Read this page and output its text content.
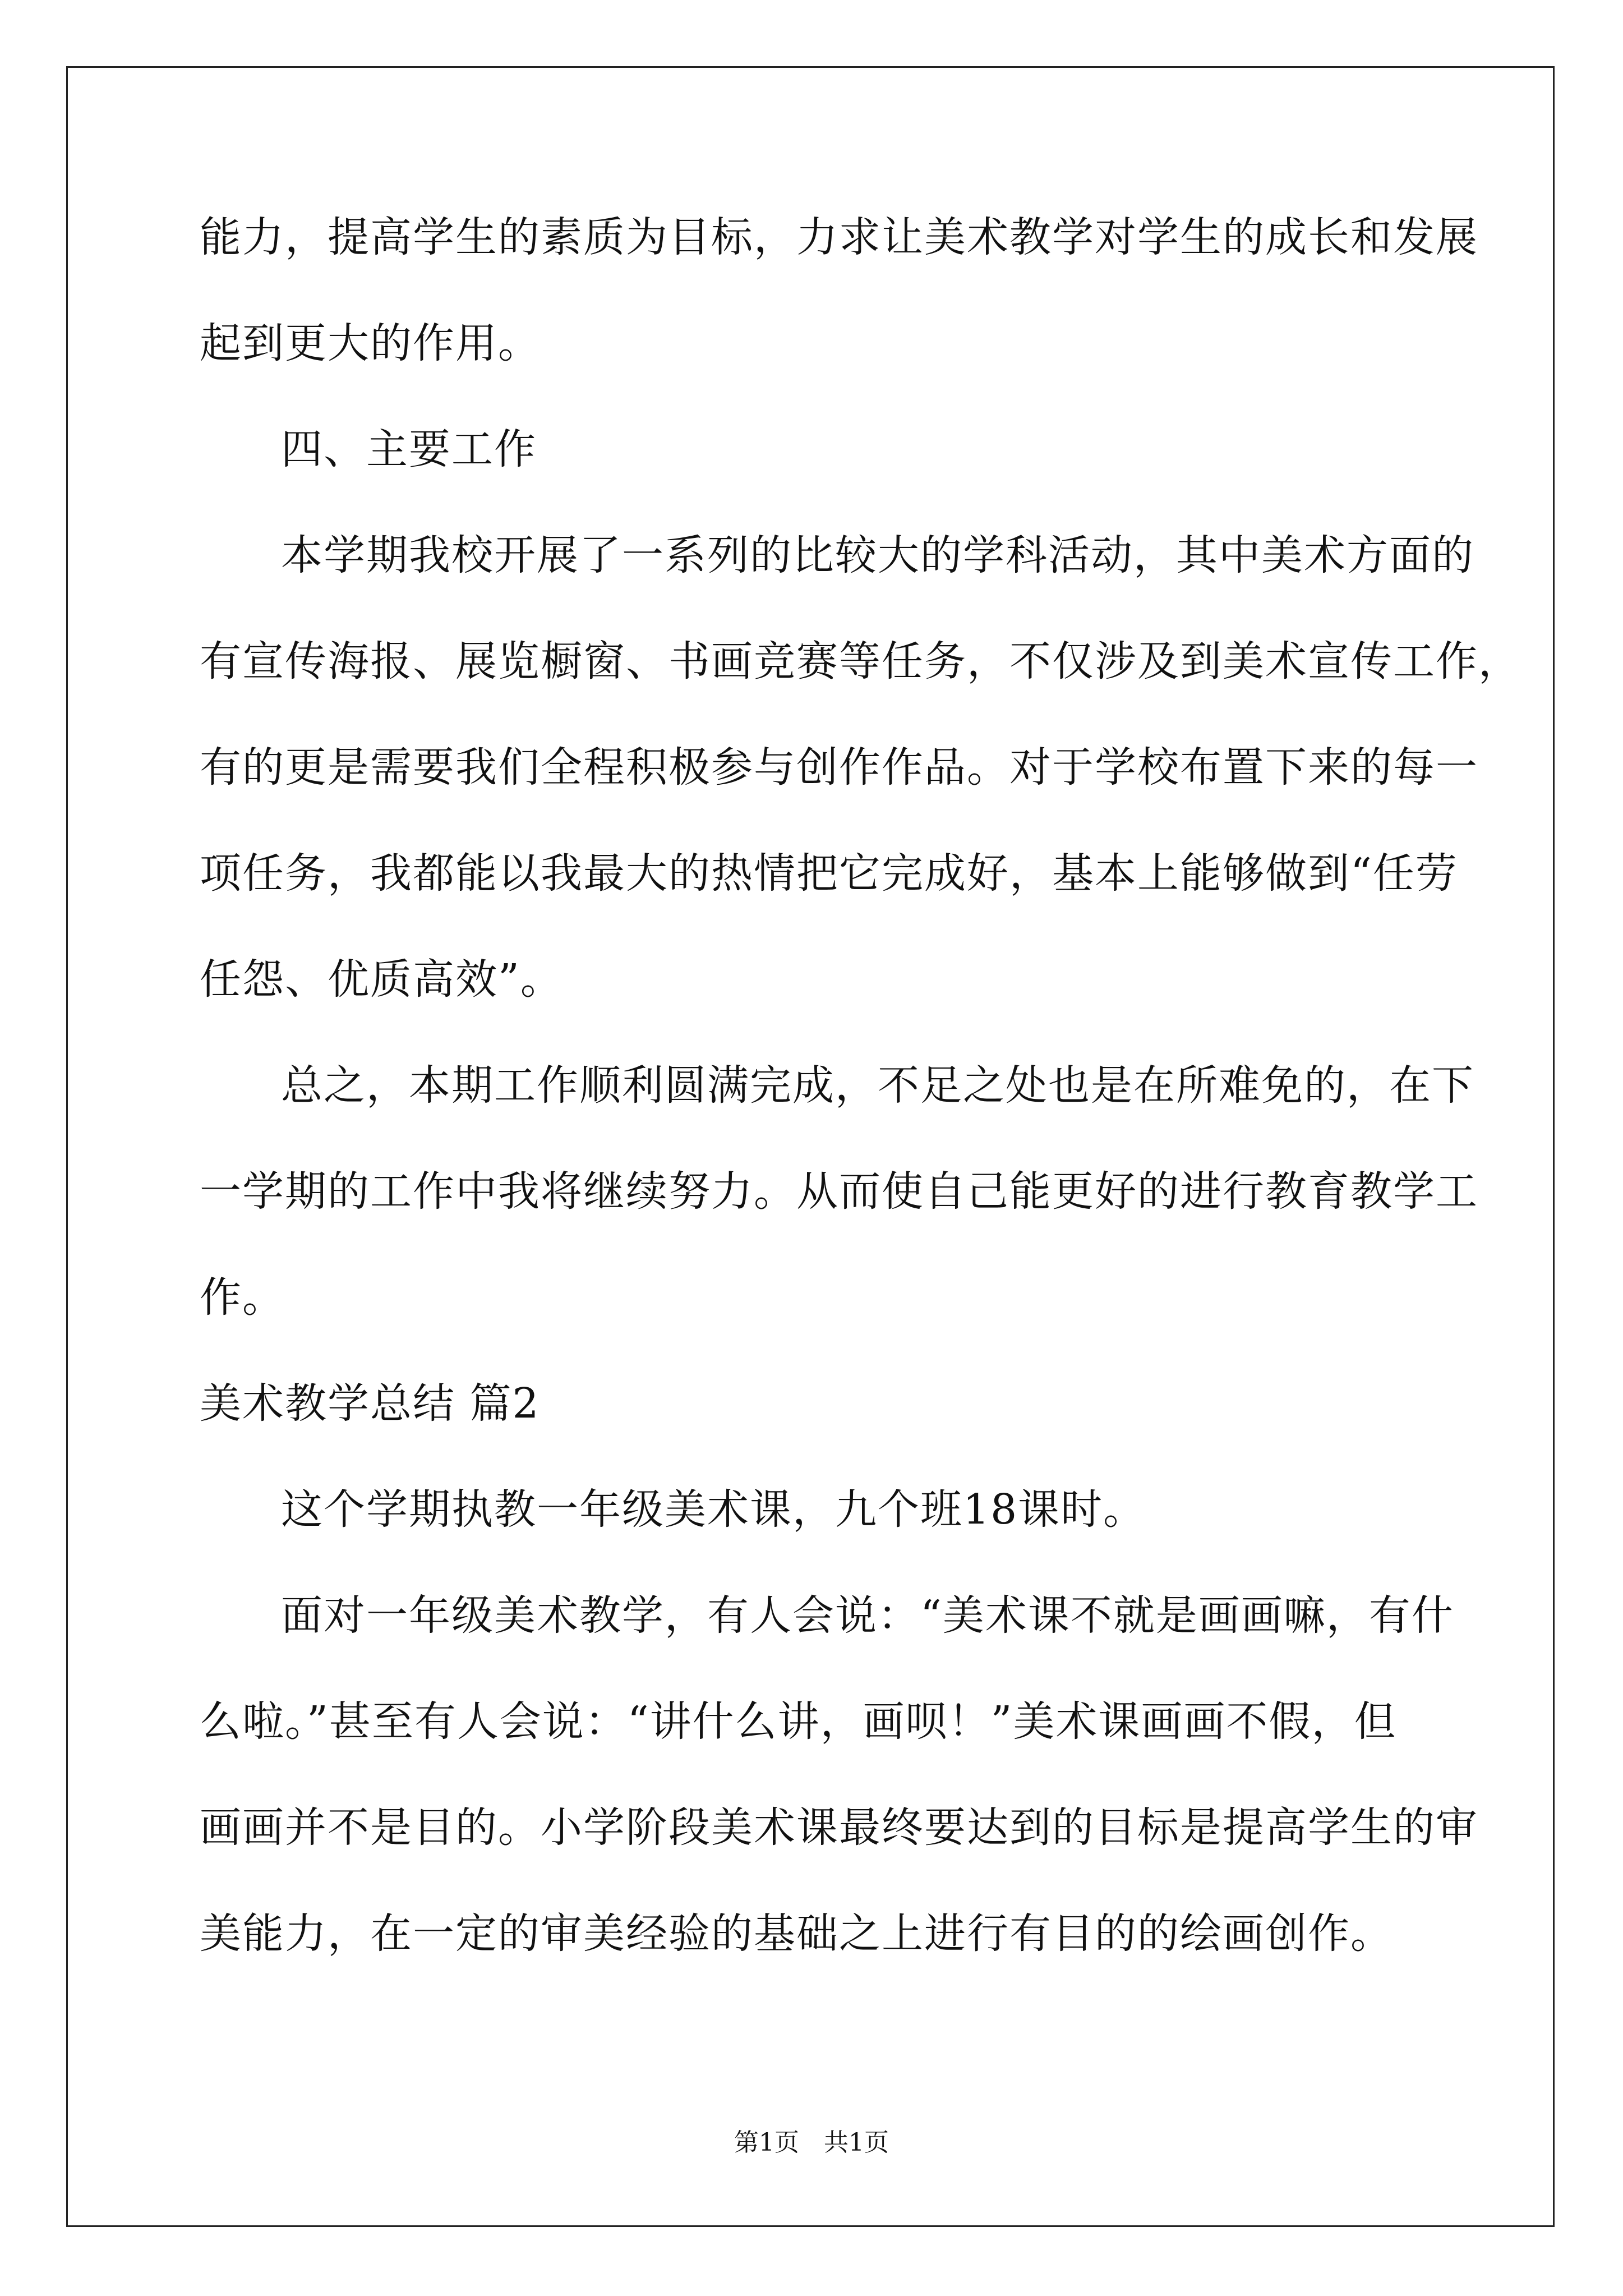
能力，提高学生的素质为目标，力求让美术教学对学生的成长和发展
起到更大的作用。
四、主要工作
本学期我校开展了一系列的比较大的学科活动，其中美术方面的
有宣传海报、展览橱窗、书画竞赛等任务，不仅涉及到美术宣传工作，
有的更是需要我们全程积极参与创作作品。对于学校布置下来的每一
项任务，我都能以我最大的热情把它完成好，基本上能够做到“任劳
任怨、优质高效”。
总之，本期工作顺利圆满完成，不足之处也是在所难免的，在下
一学期的工作中我将继续努力。从而使自己能更好的进行教育教学工
作。
美术教学总结 篇2
这个学期执教一年级美术课，九个班18课时。
面对一年级美术教学，有人会说：“美术课不就是画画嘛，有什
么啦。”甚至有人会说：“讲什么讲，画呗！”美术课画画不假，但
画画并不是目的。小学阶段美术课最终要达到的目标是提高学生的审
美能力，在一定的审美经验的基础之上进行有目的的绘画创作。
第1页　共1页
